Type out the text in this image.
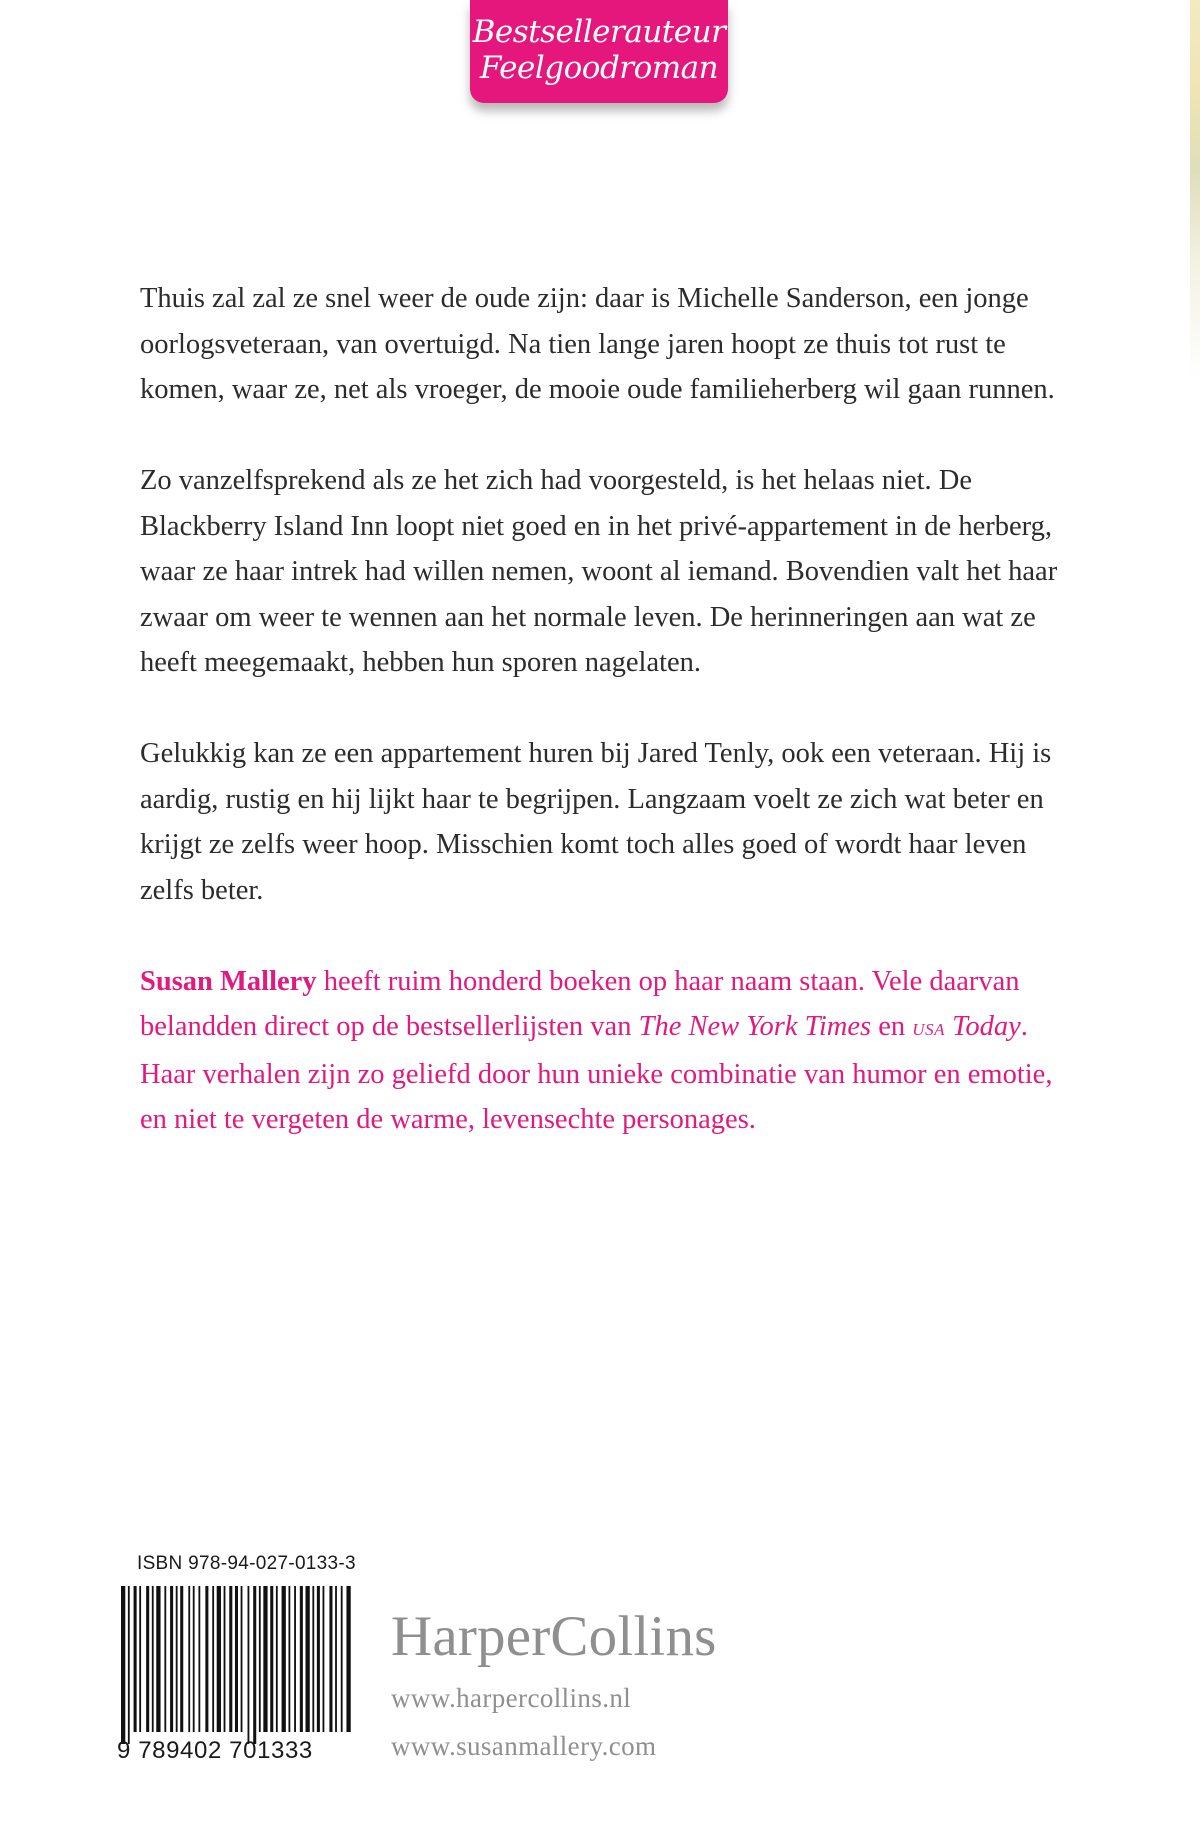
Bestsellerauteur
Feelgoodroman

Thuis zal zal ze snel weer de oude zijn: daar is Michelle Sanderson, een jonge oorlogsveteraan, van overtuigd. Na tien lange jaren hoopt ze thuis tot rust te komen, waar ze, net als vroeger, de mooie oude familieherberg wil gaan runnen.

Zo vanzelfsprekend als ze het zich had voorgesteld, is het helaas niet. De Blackberry Island Inn loopt niet goed en in het privé-appartement in de herberg, waar ze haar intrek had willen nemen, woont al iemand. Bovendien valt het haar zwaar om weer te wennen aan het normale leven. De herinneringen aan wat ze heeft meegemaakt, hebben hun sporen nagelaten.

Gelukkig kan ze een appartement huren bij Jared Tenly, ook een veteraan. Hij is aardig, rustig en hij lijkt haar te begrijpen. Langzaam voelt ze zich wat beter en krijgt ze zelfs weer hoop. Misschien komt toch alles goed of wordt haar leven zelfs beter.

Susan Mallery heeft ruim honderd boeken op haar naam staan. Vele daarvan belandden direct op de bestsellerlijsten van The New York Times en usa Today. Haar verhalen zijn zo geliefd door hun unieke combinatie van humor en emotie, en niet te vergeten de warme, levensechte personages.

ISBN 978-94-027-0133-3
9 789402 701333
HarperCollins
www.harpercollins.nl
www.susanmallery.com
